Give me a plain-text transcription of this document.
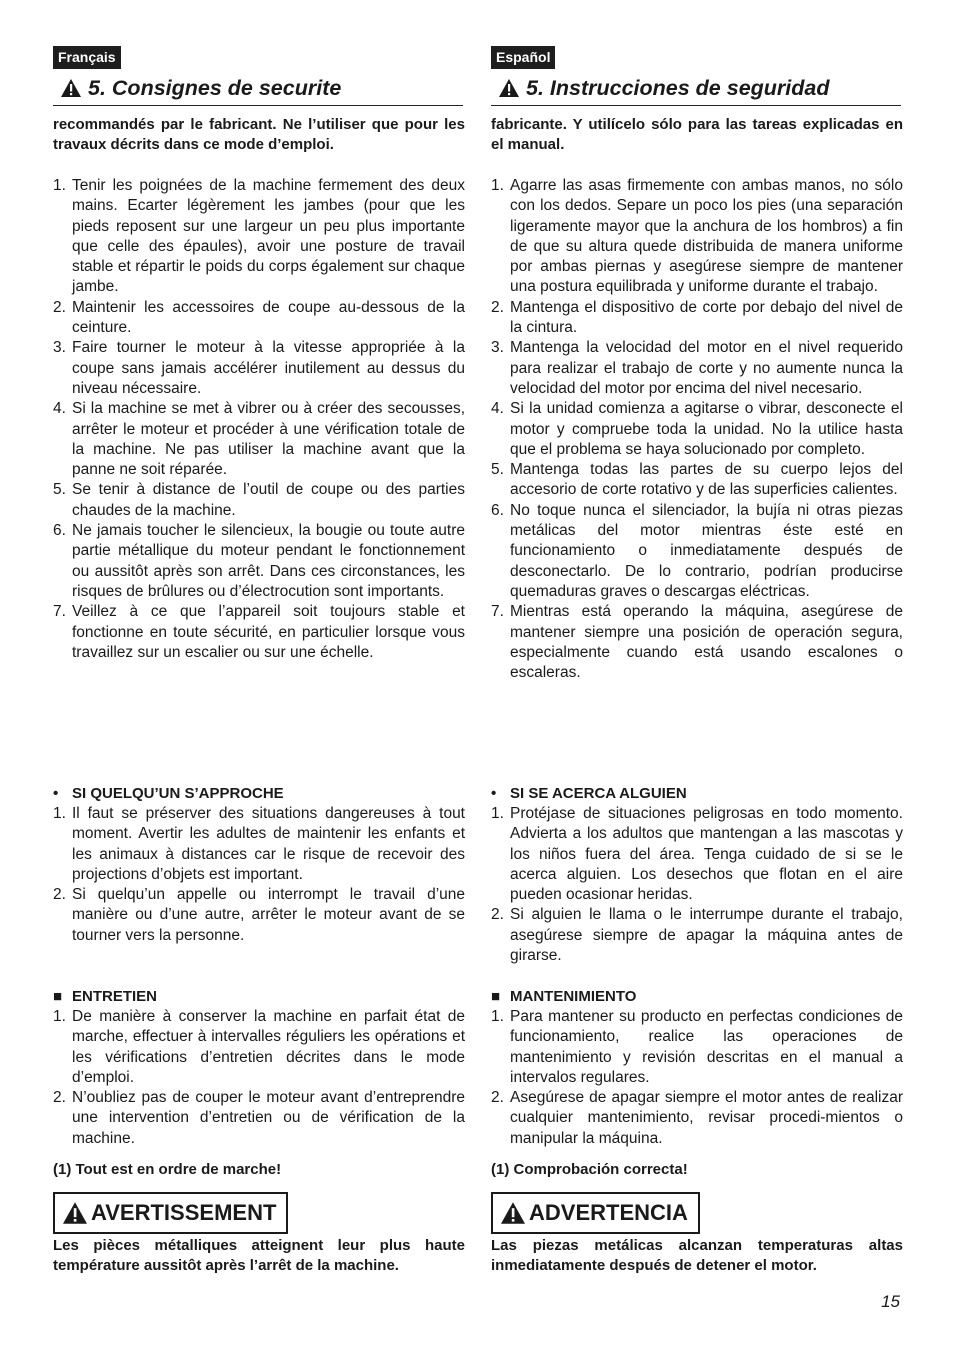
Français
5. Consignes de securite

recommandés par le fabricant. Ne l’utiliser que pour les travaux décrits dans ce mode d’emploi.

1. Tenir les poignées de la machine fermement des deux mains. Ecarter légèrement les jambes (pour que les pieds reposent sur une largeur un peu plus importante que celle des épaules), avoir une posture de travail stable et répartir le poids du corps également sur chaque jambe.
2. Maintenir les accessoires de coupe au-dessous de la ceinture.
3. Faire tourner le moteur à la vitesse appropriée à la coupe sans jamais accélérer inutilement au dessus du niveau nécessaire.
4. Si la machine se met à vibrer ou à créer des secousses, arrêter le moteur et procéder à une vérification totale de la machine. Ne pas utiliser la machine avant que la panne ne soit réparée.
5. Se tenir à distance de l’outil de coupe ou des parties chaudes de la machine.
6. Ne jamais toucher le silencieux, la bougie ou toute autre partie métallique du moteur pendant le fonctionnement ou aussitôt après son arrêt. Dans ces circonstances, les risques de brûlures ou d’électrocution sont importants.
7. Veillez à ce que l’appareil soit toujours stable et fonctionne en toute sécurité, en particulier lorsque vous travaillez sur un escalier ou sur une échelle.
• SI QUELQU’UN S’APPROCHE
1. Il faut se préserver des situations dangereuses à tout moment. Avertir les adultes de maintenir les enfants et les animaux à distances car le risque de recevoir des projections d’objets est important.
2. Si quelqu’un appelle ou interrompt le travail d’une manière ou d’une autre, arrêter le moteur avant de se tourner vers la personne.
■ ENTRETIEN
1. De manière à conserver la machine en parfait état de marche, effectuer à intervalles réguliers les opérations et les vérifications d’entretien décrites dans le mode d’emploi.
2. N’oubliez pas de couper le moteur avant d’entreprendre une intervention d’entretien ou de vérification de la machine.
(1) Tout est en ordre de marche!
AVERTISSEMENT

Les pièces métalliques atteignent leur plus haute température aussitôt après l’arrêt de la machine.

Español
5. Instrucciones de seguridad

fabricante. Y utilícelo sólo para las tareas explicadas en el manual.

1. Agarre las asas firmemente con ambas manos, no sólo con los dedos. Separe un poco los pies (una separación ligeramente mayor que la anchura de los hombros) a fin de que su altura quede distribuida de manera uniforme por ambas piernas y asegúrese siempre de mantener una postura equilibrada y uniforme durante el trabajo.
2. Mantenga el dispositivo de corte por debajo del nivel de la cintura.
3. Mantenga la velocidad del motor en el nivel requerido para realizar el trabajo de corte y no aumente nunca la velocidad del motor por encima del nivel necesario.
4. Si la unidad comienza a agitarse o vibrar, desconecte el motor y compruebe toda la unidad. No la utilice hasta que el problema se haya solucionado por completo.
5. Mantenga todas las partes de su cuerpo lejos del accesorio de corte rotativo y de las superficies calientes.
6. No toque nunca el silenciador, la bujía ni otras piezas metálicas del motor mientras éste esté en funcionamiento o inmediatamente después de desconectarlo. De lo contrario, podrían producirse quemaduras graves o descargas eléctricas.
7. Mientras está operando la máquina, asegúrese de mantener siempre una posición de operación segura, especialmente cuando está usando escalones o escaleras.
• SI SE ACERCA ALGUIEN
1. Protéjase de situaciones peligrosas en todo momento. Advierta a los adultos que mantengan a las mascotas y los niños fuera del área. Tenga cuidado de si se le acerca alguien. Los desechos que flotan en el aire pueden ocasionar heridas.
2. Si alguien le llama o le interrumpe durante el trabajo, asegúrese siempre de apagar la máquina antes de girarse.
■ MANTENIMIENTO
1. Para mantener su producto en perfectas condiciones de funcionamiento, realice las operaciones de mantenimiento y revisión descritas en el manual a intervalos regulares.
2. Asegúrese de apagar siempre el motor antes de realizar cualquier mantenimiento, revisar procedi-mientos o manipular la máquina.
(1) Comprobación correcta!
ADVERTENCIA

Las piezas metálicas alcanzan temperaturas altas inmediatamente después de detener el motor.

15
